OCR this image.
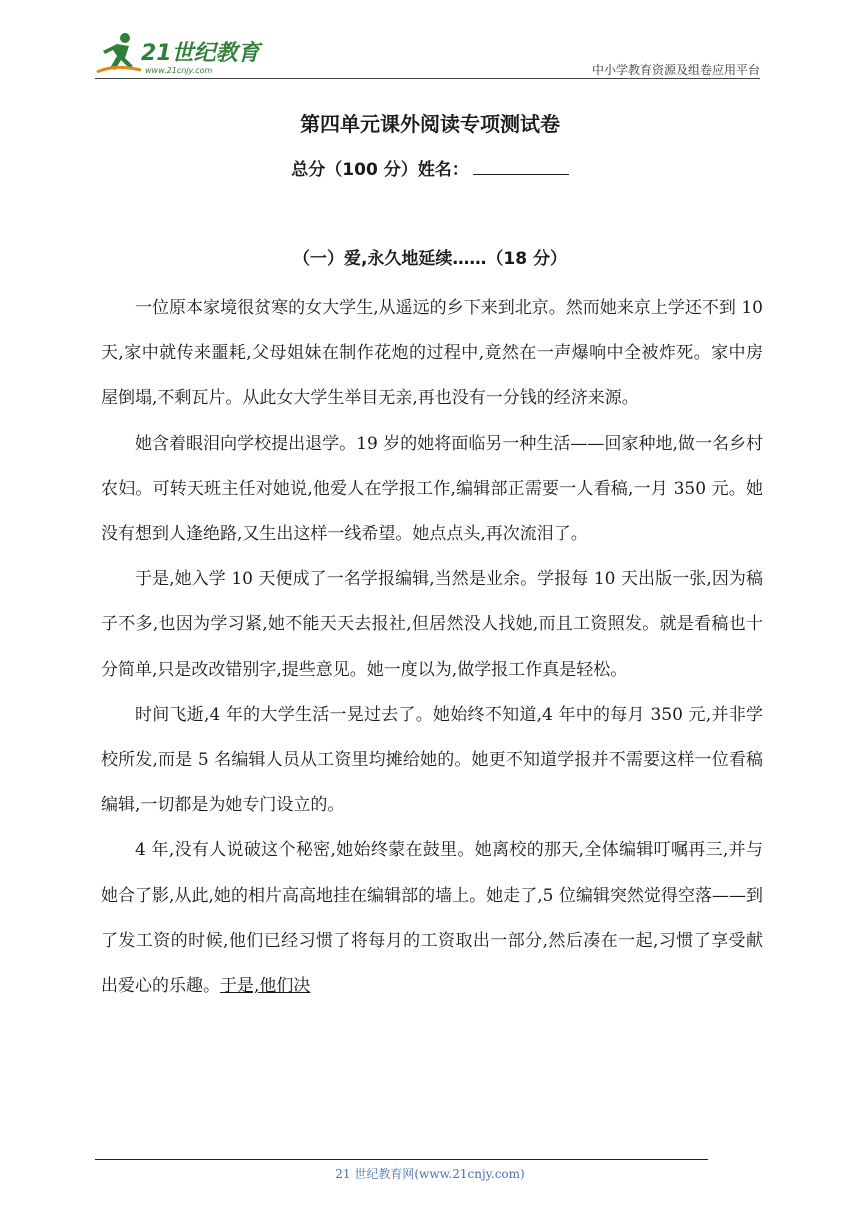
21世纪教育
www.21cnjy.com	中小学教育资源及组卷应用平台
第四单元课外阅读专项测试卷
总分（100 分）姓名：
（一）爱,永久地延续……（18 分）

一位原本家境很贫寒的女大学生,从遥远的乡下来到北京。然而她来京上学还不到 10 天,家中就传来噩耗,父母姐妹在制作花炮的过程中,竟然在一声爆响中全被炸死。家中房屋倒塌,不剩瓦片。从此女大学生举目无亲,再也没有一分钱的经济来源。

她含着眼泪向学校提出退学。19 岁的她将面临另一种生活——回家种地,做一名乡村农妇。可转天班主任对她说,他爱人在学报工作,编辑部正需要一人看稿,一月 350 元。她没有想到人逢绝路,又生出这样一线希望。她点点头,再次流泪了。

于是,她入学 10 天便成了一名学报编辑,当然是业余。学报每 10 天出版一张,因为稿子不多,也因为学习紧,她不能天天去报社,但居然没人找她,而且工资照发。就是看稿也十分简单,只是改改错别字,提些意见。她一度以为,做学报工作真是轻松。

时间飞逝,4 年的大学生活一晃过去了。她始终不知道,4 年中的每月 350 元,并非学校所发,而是 5 名编辑人员从工资里均摊给她的。她更不知道学报并不需要这样一位看稿编辑,一切都是为她专门设立的。

4 年,没有人说破这个秘密,她始终蒙在鼓里。她离校的那天,全体编辑叮嘱再三,并与她合了影,从此,她的相片高高地挂在编辑部的墙上。她走了,5 位编辑突然觉得空落——到了发工资的时候,他们已经习惯了将每月的工资取出一部分,然后凑在一起,习惯了享受献出爱心的乐趣。于是,他们决

21 世纪教育网(www.21cnjy.com)
